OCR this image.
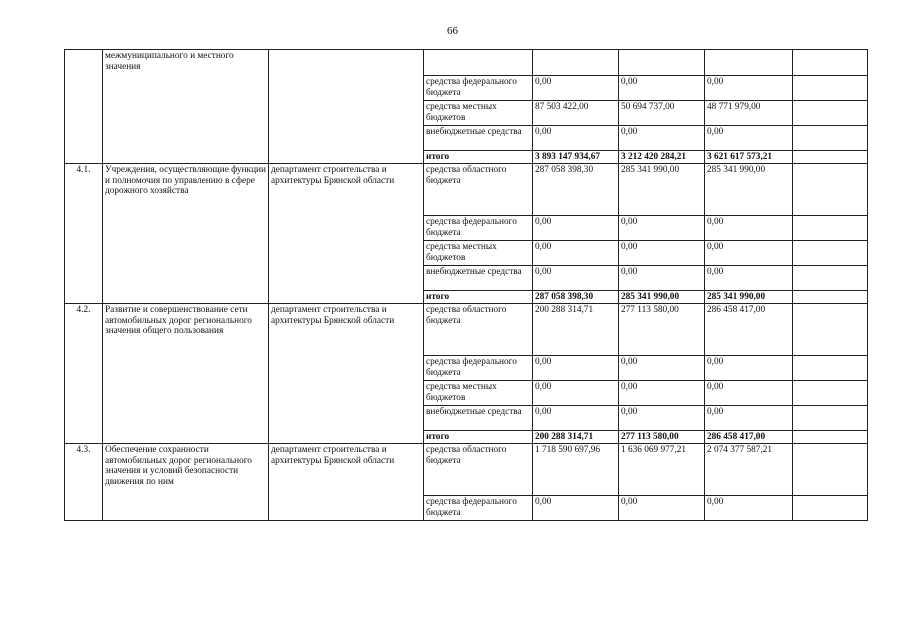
66
	межмуниципального и местного значения						
			средства федерального бюджета	0,00	0,00	0,00	
			средства местных бюджетов	87 503 422,00	50 694 737,00	48 771 979,00	
			внебюджетные средства	0,00	0,00	0,00	
			итого	3 893 147 934,67	3 212 420 284,21	3 621 617 573,21	
4.1.	Учреждения, осуществляющие функции и полномочия по управлению в сфере дорожного хозяйства	департамент строительства и архитектуры Брянской области	средства областного бюджета	287 058 398,30	285 341 990,00	285 341 990,00	
			средства федерального бюджета	0,00	0,00	0,00	
			средства местных бюджетов	0,00	0,00	0,00	
			внебюджетные средства	0,00	0,00	0,00	
			итого	287 058 398,30	285 341 990,00	285 341 990,00	
4.2.	Развитие и совершенствование сети автомобильных дорог регионального значения общего пользования	департамент строительства и архитектуры Брянской области	средства областного бюджета	200 288 314,71	277 113 580,00	286 458 417,00	
			средства федерального бюджета	0,00	0,00	0,00	
			средства местных бюджетов	0,00	0,00	0,00	
			внебюджетные средства	0,00	0,00	0,00	
			итого	200 288 314,71	277 113 580,00	286 458 417,00	
4.3.	Обеспечение сохранности автомобильных дорог регионального значения и условий безопасности движения по ним	департамент строительства и архитектуры Брянской области	средства областного бюджета	1 718 590 697,96	1 636 069 977,21	2 074 377 587,21	
			средства федерального бюджета	0,00	0,00	0,00	
